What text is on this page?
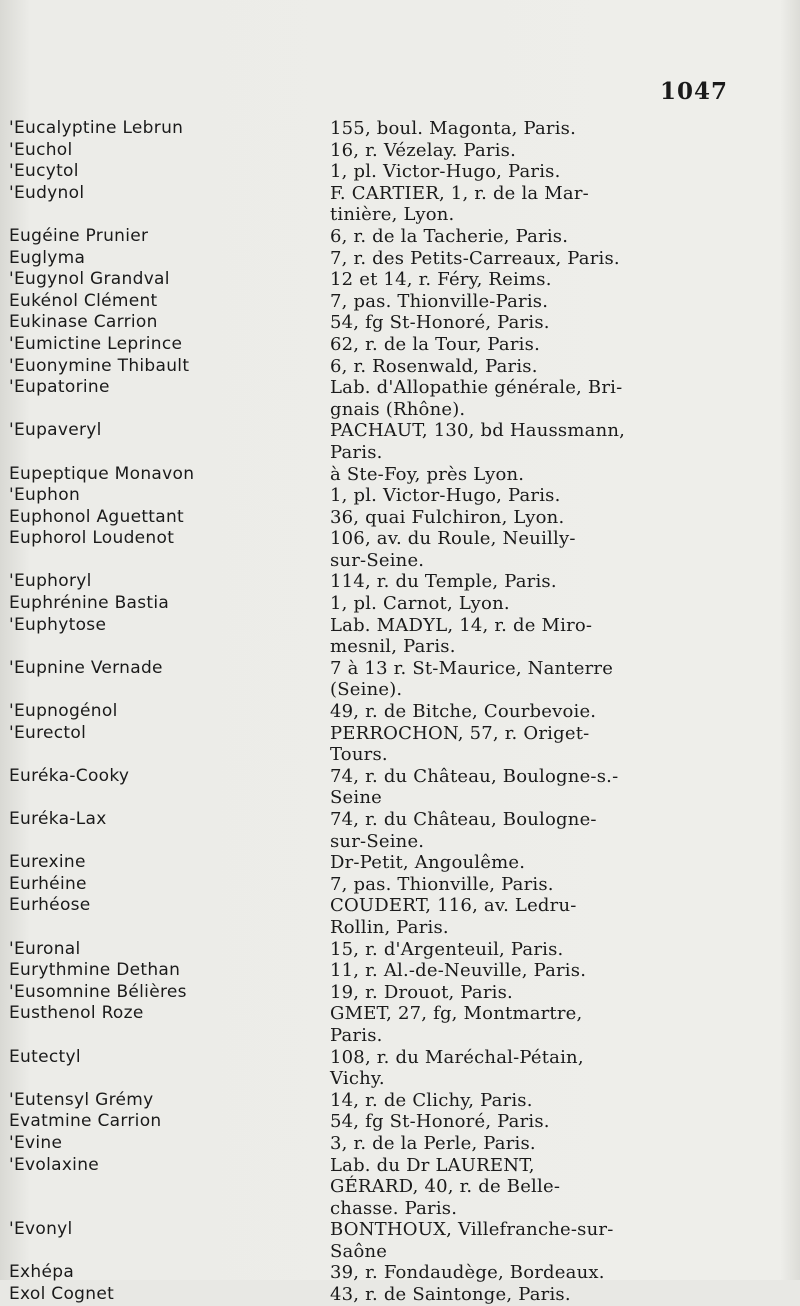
1047
'Eucalyptine Lebrun	155, boul. Magonta, Paris.
'Euchol	16, r. Vézelay. Paris.
'Eucytol	1, pl. Victor-Hugo, Paris.
'Eudynol	F. CARTIER, 1, r. de la Mar-
tinière, Lyon.
Eugéine Prunier	6, r. de la Tacherie, Paris.
Euglyma	7, r. des Petits-Carreaux, Paris.
'Eugynol Grandval	12 et 14, r. Féry, Reims.
Eukénol Clément	7, pas. Thionville-Paris.
Eukinase Carrion	54, fg St-Honoré, Paris.
'Eumictine Leprince	62, r. de la Tour, Paris.
'Euonymine Thibault	6, r. Rosenwald, Paris.
'Eupatorine	Lab. d'Allopathie générale, Bri-
gnais (Rhône).
'Eupaveryl	PACHAUT, 130, bd Haussmann,
Paris.
Eupeptique Monavon	à Ste-Foy, près Lyon.
'Euphon	1, pl. Victor-Hugo, Paris.
Euphonol Aguettant	36, quai Fulchiron, Lyon.
Euphorol Loudenot	106, av. du Roule, Neuilly-
sur-Seine.
'Euphoryl	114, r. du Temple, Paris.
Euphrénine Bastia	1, pl. Carnot, Lyon.
'Euphytose	Lab. MADYL, 14, r. de Miro-
mesnil, Paris.
'Eupnine Vernade	7 à 13 r. St-Maurice, Nanterre
(Seine).
'Eupnogénol	49, r. de Bitche, Courbevoie.
'Eurectol	PERROCHON, 57, r. Origet-
Tours.
Euréka-Cooky	74, r. du Château, Boulogne-s.-
Seine
Euréka-Lax	74, r. du Château, Boulogne-
sur-Seine.
Eurexine	Dr-Petit, Angoulême.
Eurhéine	7, pas. Thionville, Paris.
Eurhéose	COUDERT, 116, av. Ledru-
Rollin, Paris.
'Euronal	15, r. d'Argenteuil, Paris.
Eurythmine Dethan	11, r. Al.-de-Neuville, Paris.
'Eusomnine Bélières	19, r. Drouot, Paris.
Eusthenol Roze	GMET, 27, fg, Montmartre,
Paris.
Eutectyl	108, r. du Maréchal-Pétain,
Vichy.
'Eutensyl Grémy	14, r. de Clichy, Paris.
Evatmine Carrion	54, fg St-Honoré, Paris.
'Evine	3, r. de la Perle, Paris.
'Evolaxine	Lab. du Dr LAURENT,
GÉRARD, 40, r. de Belle-
chasse. Paris.
'Evonyl	BONTHOUX, Villefranche-sur-
Saône
Exhépa	39, r. Fondaudège, Bordeaux.
Exol Cognet	43, r. de Saintonge, Paris.
